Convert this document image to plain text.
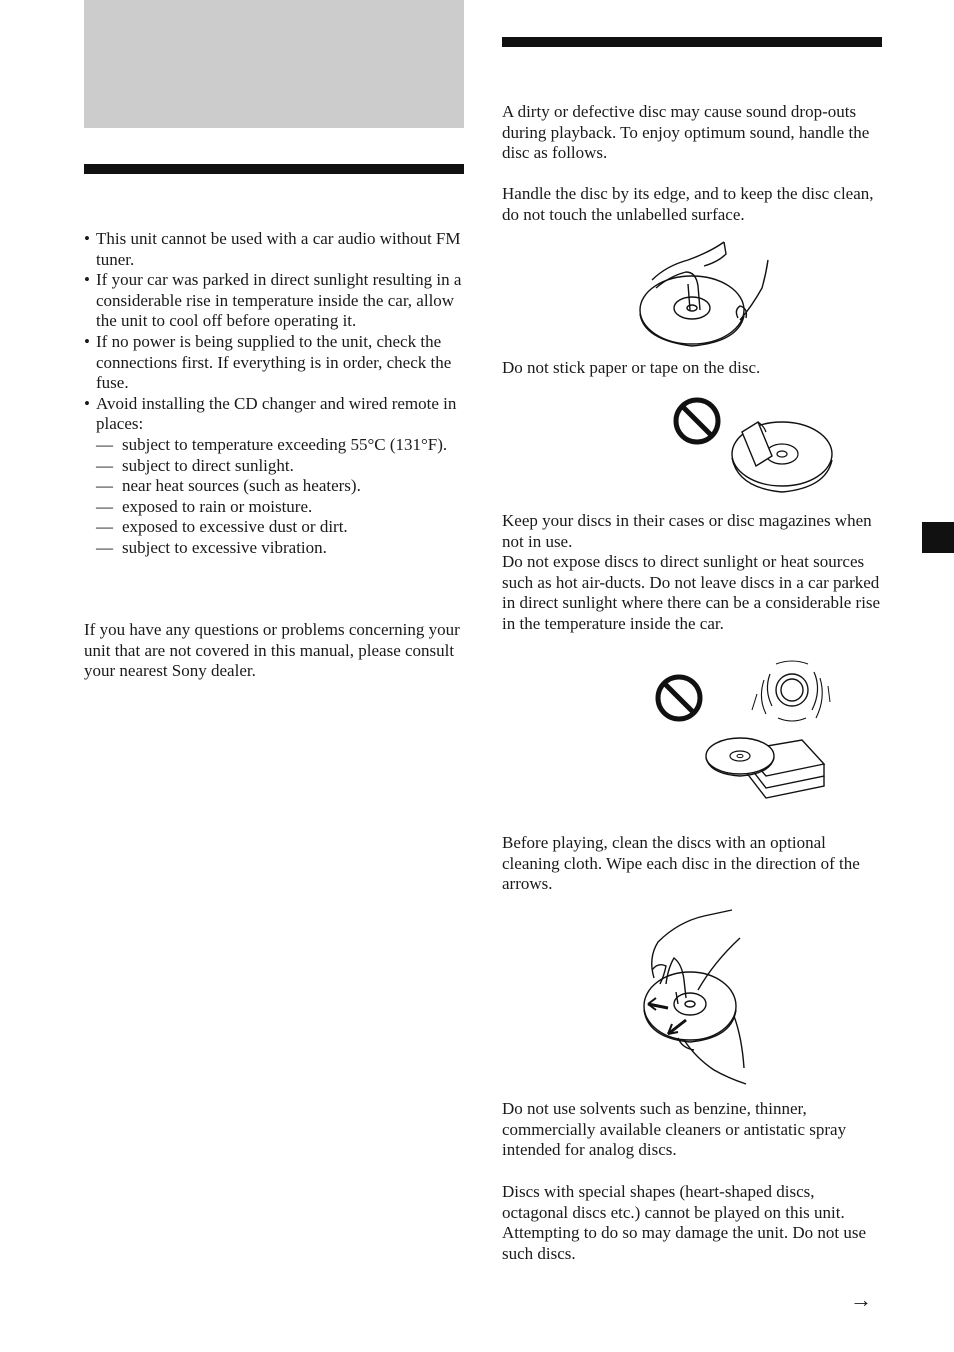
• This unit cannot be used with a car audio without FM tuner.
• If your car was parked in direct sunlight resulting in a considerable rise in temperature inside the car, allow the unit to cool off before operating it.
• If no power is being supplied to the unit, check the connections first. If everything is in order, check the fuse.
• Avoid installing the CD changer and wired remote in places:
— subject to temperature exceeding 55°C (131°F).
— subject to direct sunlight.
— near heat sources (such as heaters).
— exposed to rain or moisture.
— exposed to excessive dust or dirt.
— subject to excessive vibration.

If you have any questions or problems concerning your unit that are not covered in this manual, please consult your nearest Sony dealer.

A dirty or defective disc may cause sound drop-outs during playback. To enjoy optimum sound, handle the disc as follows.

Handle the disc by its edge, and to keep the disc clean, do not touch the unlabelled surface.

Do not stick paper or tape on the disc.

Keep your discs in their cases or disc magazines when not in use.

Do not expose discs to direct sunlight or heat sources such as hot air-ducts. Do not leave discs in a car parked in direct sunlight where there can be a considerable rise in the temperature inside the car.

Before playing, clean the discs with an optional cleaning cloth. Wipe each disc in the direction of the arrows.

Do not use solvents such as benzine, thinner, commercially available cleaners or antistatic spray intended for analog discs.

Discs with special shapes (heart-shaped discs, octagonal discs etc.) cannot be played on this unit. Attempting to do so may damage the unit. Do not use such discs.

→
